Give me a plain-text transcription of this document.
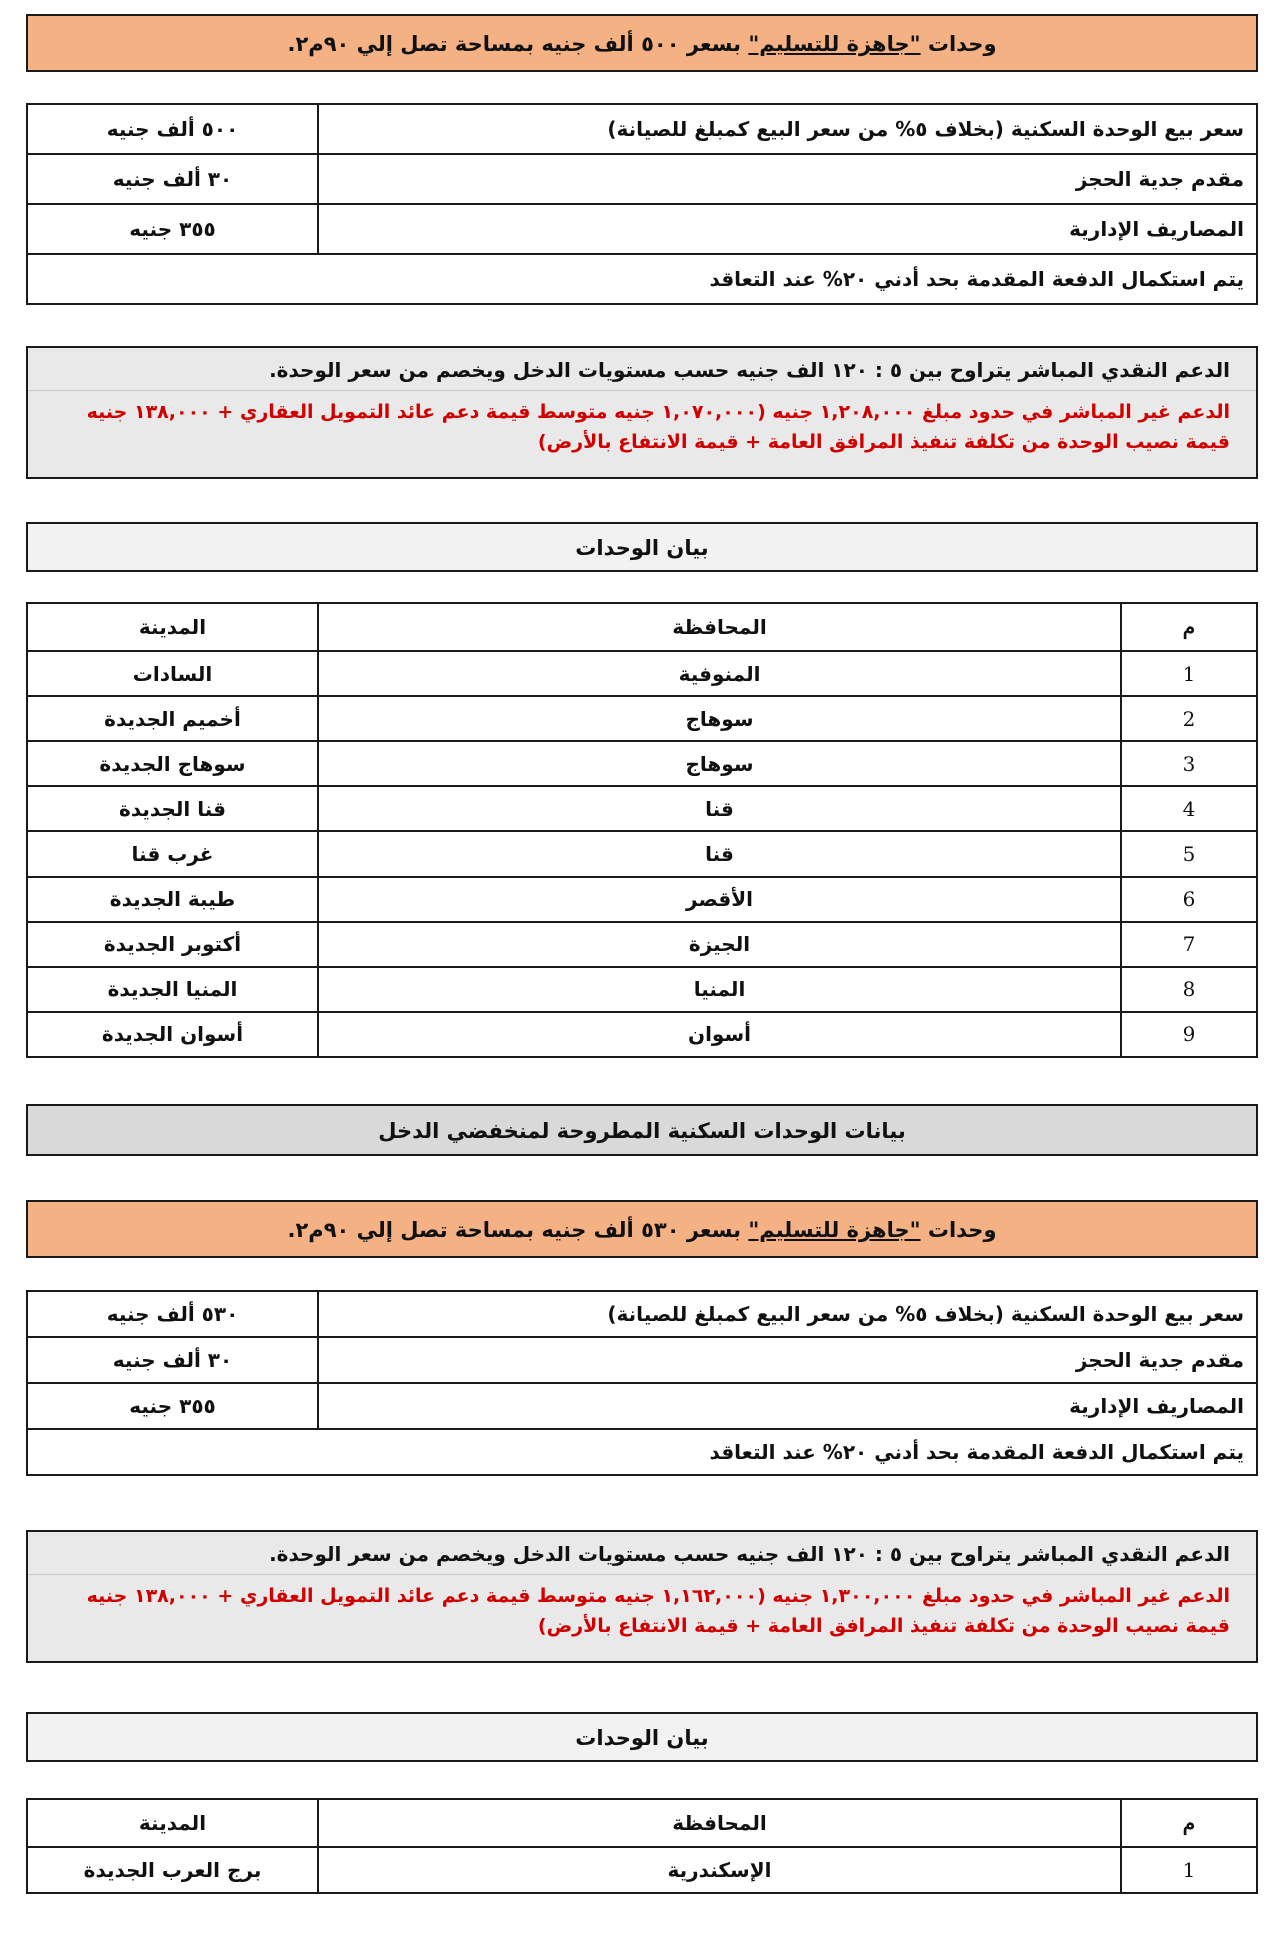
وحدات "جاهزة للتسليم" بسعر ٥٠٠ ألف جنيه بمساحة تصل إلي ٩٠م٢.
سعر بيع الوحدة السكنية (بخلاف ٥% من سعر البيع كمبلغ للصيانة)	٥٠٠ ألف جنيه
مقدم جدية الحجز	٣٠ ألف جنيه
المصاريف الإدارية	٣٥٥ جنيه
يتم استكمال الدفعة المقدمة بحد أدني ٢٠% عند التعاقد	

الدعم النقدي المباشر يتراوح بين ٥ : ١٢٠ الف جنيه حسب مستويات الدخل ويخصم من سعر الوحدة.

الدعم غير المباشر في حدود مبلغ ١,٢٠٨,٠٠٠ جنيه (١,٠٧٠,٠٠٠ جنيه متوسط قيمة دعم عائد التمويل العقاري + ١٣٨,٠٠٠ جنيه

قيمة نصيب الوحدة من تكلفة تنفيذ المرافق العامة + قيمة الانتفاع بالأرض)

بيان الوحدات
م	المحافظة	المدينة
1	المنوفية	السادات
2	سوهاج	أخميم الجديدة
3	سوهاج	سوهاج الجديدة
4	قنا	قنا الجديدة
5	قنا	غرب قنا
6	الأقصر	طيبة الجديدة
7	الجيزة	أكتوبر الجديدة
8	المنيا	المنيا الجديدة
9	أسوان	أسوان الجديدة
بيانات الوحدات السكنية المطروحة لمنخفضي الدخل
وحدات "جاهزة للتسليم" بسعر ٥٣٠ ألف جنيه بمساحة تصل إلي ٩٠م٢.
سعر بيع الوحدة السكنية (بخلاف ٥% من سعر البيع كمبلغ للصيانة)	٥٣٠ ألف جنيه
مقدم جدية الحجز	٣٠ ألف جنيه
المصاريف الإدارية	٣٥٥ جنيه
يتم استكمال الدفعة المقدمة بحد أدني ٢٠% عند التعاقد	

الدعم النقدي المباشر يتراوح بين ٥ : ١٢٠ الف جنيه حسب مستويات الدخل ويخصم من سعر الوحدة.

الدعم غير المباشر في حدود مبلغ ١,٣٠٠,٠٠٠ جنيه (١,١٦٢,٠٠٠ جنيه متوسط قيمة دعم عائد التمويل العقاري + ١٣٨,٠٠٠ جنيه

قيمة نصيب الوحدة من تكلفة تنفيذ المرافق العامة + قيمة الانتفاع بالأرض)

بيان الوحدات
م	المحافظة	المدينة
1	الإسكندرية	برج العرب الجديدة
